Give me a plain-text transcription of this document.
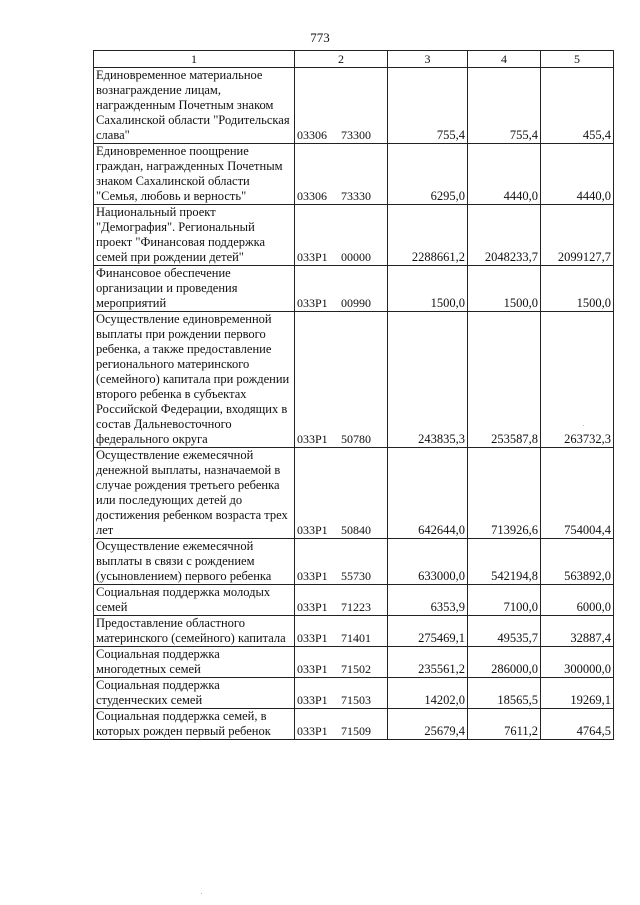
773
1	2	3	4	5
Единовременное материальное вознаграждение лицам, награжденным Почетным знаком Сахалинской области "Родительская слава"	03306 73300	755,4	755,4	455,4
Единовременное поощрение граждан, награжденных Почетным знаком Сахалинской области "Семья, любовь и верность"	03306 73330	6295,0	4440,0	4440,0
Национальный проект "Демография". Региональный проект "Финансовая поддержка семей при рождении детей"	033P1 00000	2288661,2	2048233,7	2099127,7
Финансовое обеспечение организации и проведения мероприятий	033P1 00990	1500,0	1500,0	1500,0
Осуществление единовременной выплаты при рождении первого ребенка, а также предоставление регионального материнского (семейного) капитала при рождении второго ребенка в субъектах Российской Федерации, входящих в состав Дальневосточного федерального округа	033P1 50780	243835,3	253587,8	263732,3
Осуществление ежемесячной денежной выплаты, назначаемой в случае рождения третьего ребенка или последующих детей до достижения ребенком возраста трех лет	033P1 50840	642644,0	713926,6	754004,4
Осуществление ежемесячной выплаты в связи с рождением (усыновлением) первого ребенка	033P1 55730	633000,0	542194,8	563892,0
Социальная поддержка молодых семей	033P1 71223	6353,9	7100,0	6000,0
Предоставление областного материнского (семейного) капитала	033P1 71401	275469,1	49535,7	32887,4
Социальная поддержка многодетных семей	033P1 71502	235561,2	286000,0	300000,0
Социальная поддержка студенческих семей	033P1 71503	14202,0	18565,5	19269,1
Социальная поддержка семей, в которых рожден первый ребенок	033P1 71509	25679,4	7611,2	4764,5
